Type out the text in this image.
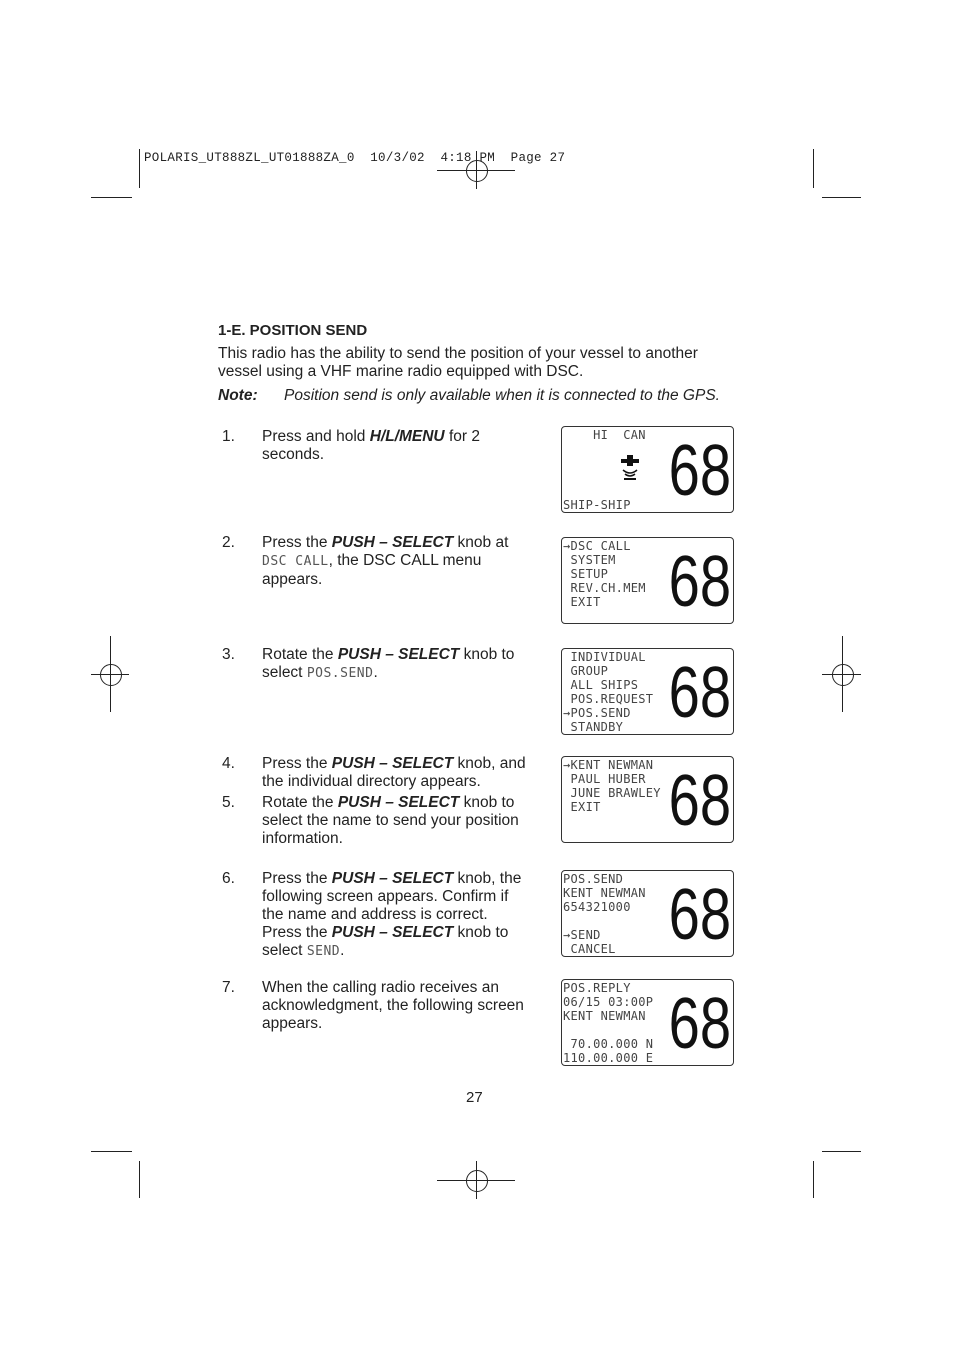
POLARIS_UT888ZL_UT01888ZA_0  10/3/02  4:18 PM  Page 27
1-E. POSITION SEND
This radio has the ability to send the position of your vessel to another vessel using a VHF marine radio equipped with DSC.
Note: Position send is only available when it is connected to the GPS.
1. Press and hold H/L/MENU for 2 seconds.
2. Press the PUSH – SELECT knob at DSC CALL, the DSC CALL menu appears.
3. Rotate the PUSH – SELECT knob to select POS.SEND.
4. Press the PUSH – SELECT knob, and the individual directory appears.
5. Rotate the PUSH – SELECT knob to select the name to send your position information.
6. Press the PUSH – SELECT knob, the following screen appears. Confirm if the name and address is correct. Press the PUSH – SELECT knob to select SEND.
7. When the calling radio receives an acknowledgment, the following screen appears.
HI  CAN

SHIP-SHIP 68
→DSC CALL
SYSTEM
SETUP
REV.CH.MEM
EXIT 68
INDIVIDUAL
GROUP
ALL SHIPS
POS.REQUEST
→POS.SEND
STANDBY 68
→KENT NEWMAN
PAUL HUBER
JUNE BRAWLEY
EXIT 68
POS.SEND
KENT NEWMAN
654321000

→SEND
CANCEL 68
POS.REPLY
06/15 03:00P
KENT NEWMAN

70.00.000 N
110.00.000 E 68
27
